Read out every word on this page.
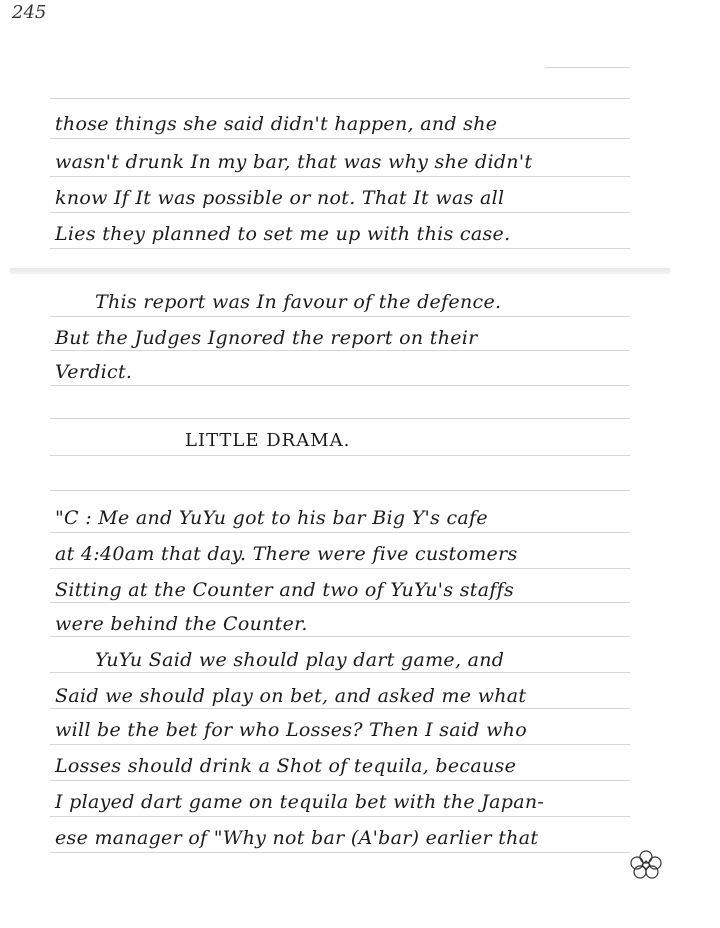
245
those things she said didn't happen, and she
wasn't drunk In my bar, that was why she didn't
know If It was possible or not. That It was all
Lies they planned to set me up with this case.
This report was In favour of the defence.
But the Judges Ignored the report on their
Verdict.
LITTLE DRAMA.
"C : Me and YuYu got to his bar Big Y's cafe
at 4:40am that day. There were five customers
Sitting at the Counter and two of YuYu's staffs
were behind the Counter.
YuYu Said we should play dart game, and
Said we should play on bet, and asked me what
will be the bet for who Losses? Then I said who
Losses should drink a Shot of tequila, because
I played dart game on tequila bet with the Japan-
ese manager of "Why not bar (A'bar) earlier that
